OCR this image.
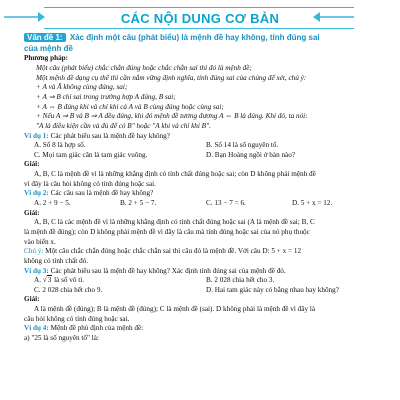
CÁC NỘI DUNG CƠ BẢN

Vấn đề 1: Xác định một câu (phát biểu) là mệnh đề hay không, tính đúng sai

của mệnh đề

Phương pháp:

Một câu (phát biểu) chắc chắn đúng hoặc chắc chắn sai thì đó là mệnh đề;

Một mệnh đề dạng cụ thể thì cần nắm vững định nghĩa, tính đúng sai của chúng để xét, chú ý:

+ A và Ā không cùng đúng, sai;

+ A ⇒ B chỉ sai trong trường hợp A đúng, B sai;

+ A ⇔ B đúng khi và chỉ khi cả A và B cùng đúng hoặc cùng sai;

+ Nếu A ⇒ B và B ⇒ A đều đúng, khi đó mệnh đề tương đương A ⇔ B là đúng. Khi đó, ta nói:

"A là điều kiện cần và đủ để có B" hoặc "A khi và chỉ khi B".

Ví dụ 1: Các phát biểu sau là mệnh đề hay không?

A. Số 8 là hợp số.	B. Số 14 là số nguyên tố.
C. Mọi tam giác cân là tam giác vuông.	D. Bạn Hoàng ngồi ở bàn nào?

Giải:

A, B, C là mệnh đề vì là những khẳng định có tính chất đúng hoặc sai; còn D không phải mệnh đề

vì đây là câu hỏi không có tính đúng hoặc sai.

Ví dụ 2: Các câu sau là mệnh đề hay không?

A. 2 + 9 − 5.	B. 2 + 5 − 7.	C. 13 − 7 = 6.	D. 5 + x = 12.

Giải:

A, B, C là các mệnh đề vì là những khẳng định có tính chất đúng hoặc sai (A là mệnh đề sai; B, C

là mệnh đề đúng); còn D không phải mệnh đề vì đây là câu mà tính đúng hoặc sai của nó phụ thuộc

vào biến x.

Chú ý: Một câu chắc chắn đúng hoặc chắc chắn sai thì câu đó là mệnh đề. Với câu D: 5 + x = 12

không có tính chất đó.

Ví dụ 3: Các phát biểu sau là mệnh đề hay không? Xác định tính đúng sai của mệnh đề đó.

A. √3 là số vô tỉ.	B. 2 028 chia hết cho 3.
C. 2 028 chia hết cho 9.	D. Hai tam giác này có bằng nhau hay không?

Giải:

A là mệnh đề (đúng); B là mệnh đề (đúng); C là mệnh đề (sai). D không phải là mệnh đề vì đây là

câu hỏi không có tính đúng hoặc sai.

Ví dụ 4: Mệnh đề phủ định của mệnh đề:

a) "25 là số nguyên tố" là:
